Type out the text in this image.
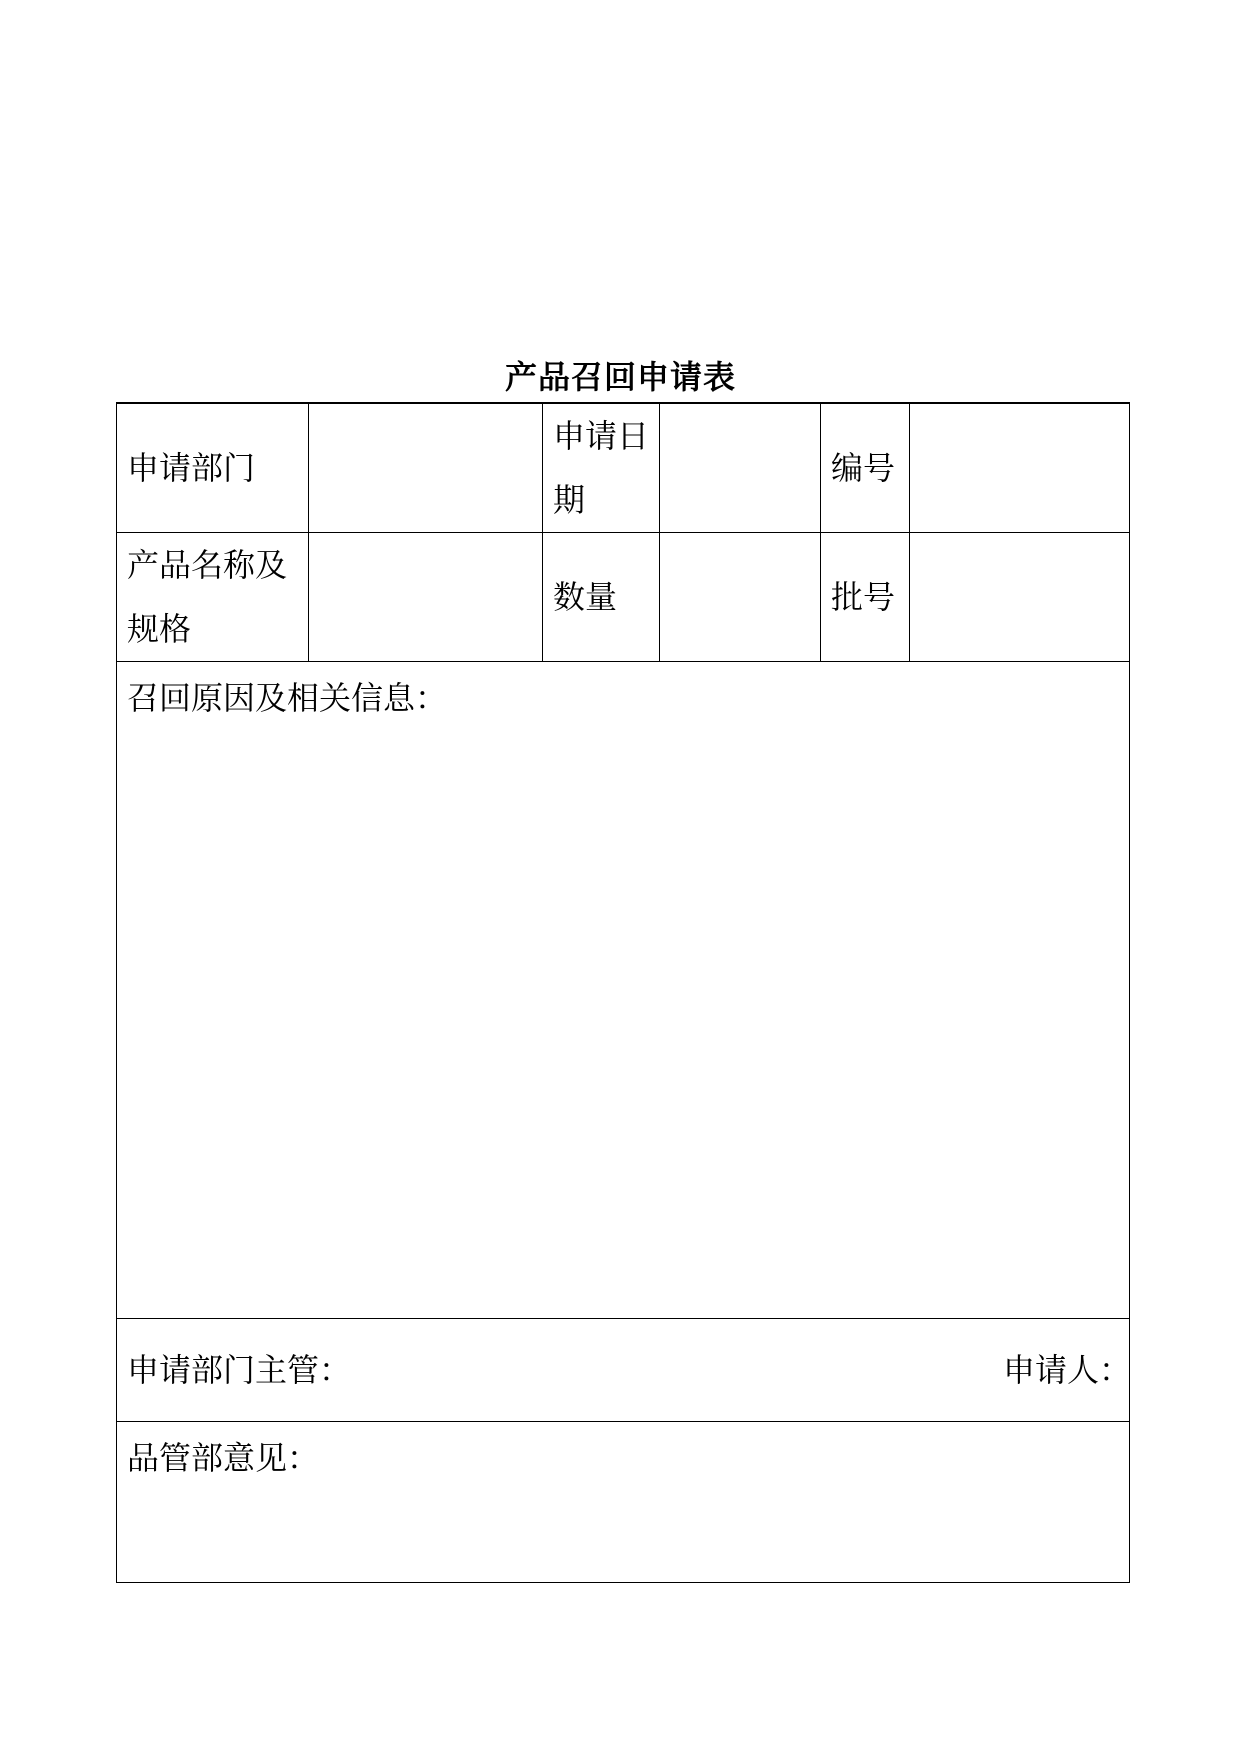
产品召回申请表
申请部门		申请日期		编号	
产品名称及规格		数量		批号	

召回原因及相关信息：					

申请部门主管： 申请人：					

品管部意见：					
